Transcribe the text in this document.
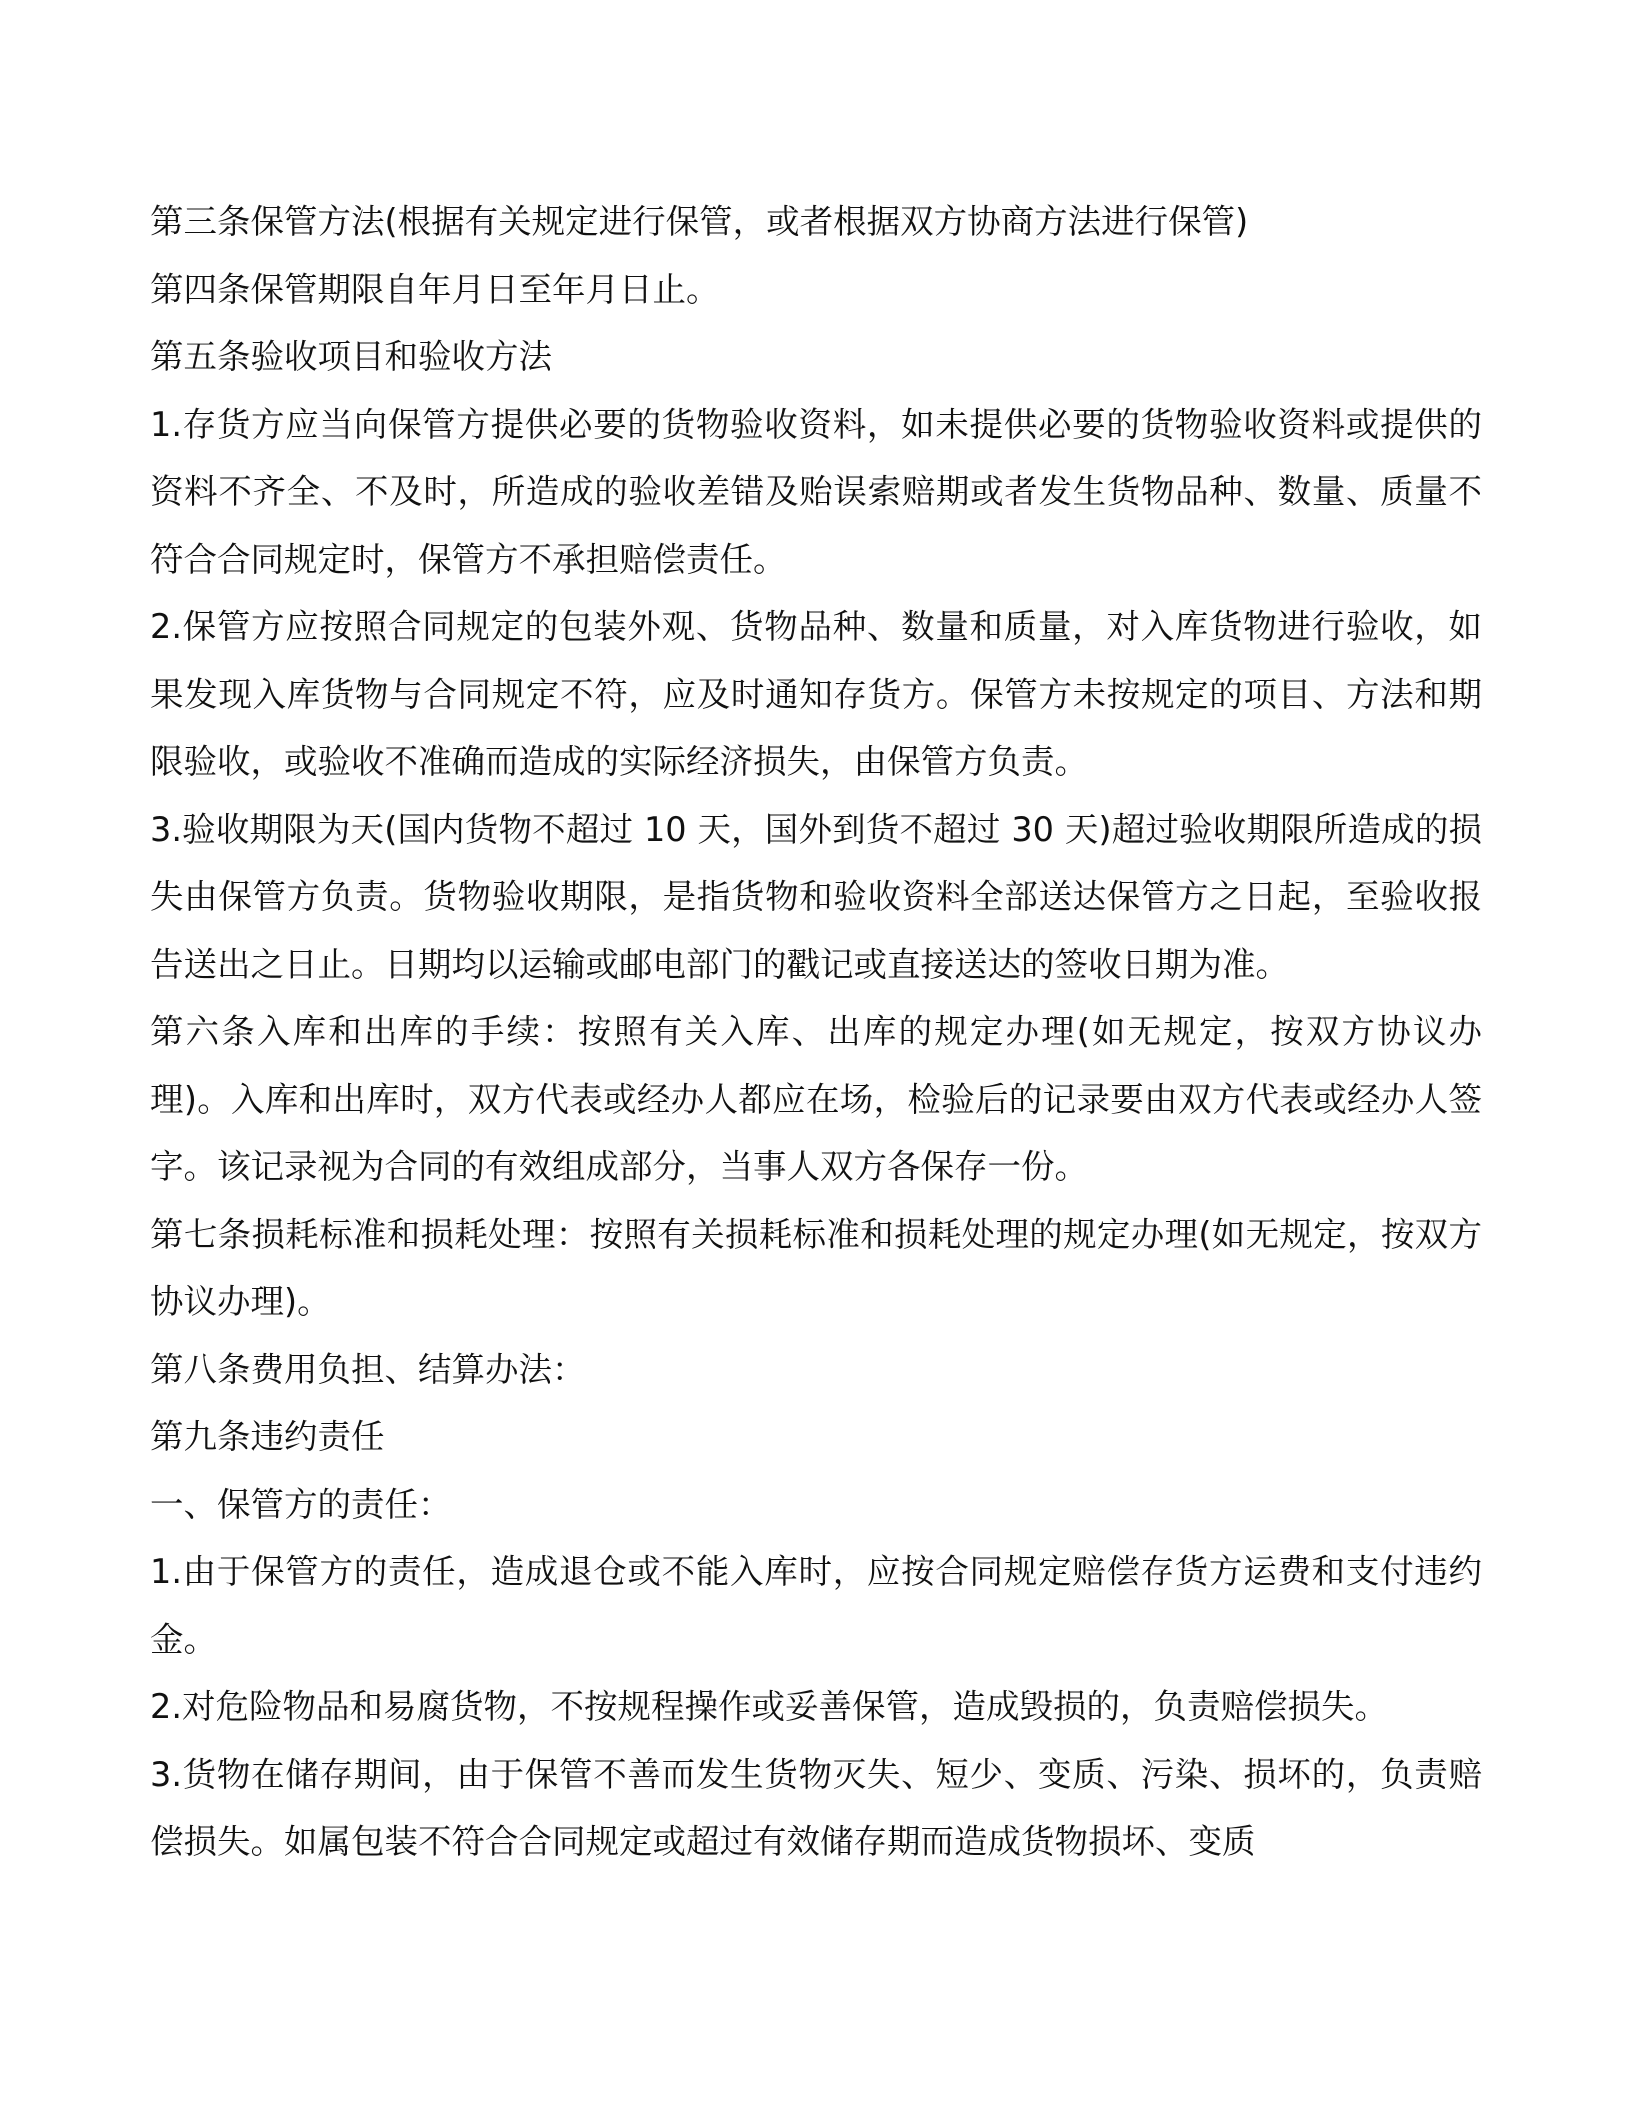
第三条保管方法(根据有关规定进行保管，或者根据双方协商方法进行保管)

第四条保管期限自年月日至年月日止。

第五条验收项目和验收方法

1.存货方应当向保管方提供必要的货物验收资料，如未提供必要的货物验收资料或提供的资料不齐全、不及时，所造成的验收差错及贻误索赔期或者发生货物品种、数量、质量不符合合同规定时，保管方不承担赔偿责任。

2.保管方应按照合同规定的包装外观、货物品种、数量和质量，对入库货物进行验收，如果发现入库货物与合同规定不符，应及时通知存货方。保管方未按规定的项目、方法和期限验收，或验收不准确而造成的实际经济损失，由保管方负责。

3.验收期限为天(国内货物不超过 10 天，国外到货不超过 30 天)超过验收期限所造成的损失由保管方负责。货物验收期限，是指货物和验收资料全部送达保管方之日起，至验收报告送出之日止。日期均以运输或邮电部门的戳记或直接送达的签收日期为准。

第六条入库和出库的手续：按照有关入库、出库的规定办理(如无规定，按双方协议办理)。入库和出库时，双方代表或经办人都应在场，检验后的记录要由双方代表或经办人签字。该记录视为合同的有效组成部分，当事人双方各保存一份。

第七条损耗标准和损耗处理：按照有关损耗标准和损耗处理的规定办理(如无规定，按双方协议办理)。

第八条费用负担、结算办法：

第九条违约责任

一、保管方的责任：

1.由于保管方的责任，造成退仓或不能入库时，应按合同规定赔偿存货方运费和支付违约金。

2.对危险物品和易腐货物，不按规程操作或妥善保管，造成毁损的，负责赔偿损失。

3.货物在储存期间，由于保管不善而发生货物灭失、短少、变质、污染、损坏的，负责赔偿损失。如属包装不符合合同规定或超过有效储存期而造成货物损坏、变质
